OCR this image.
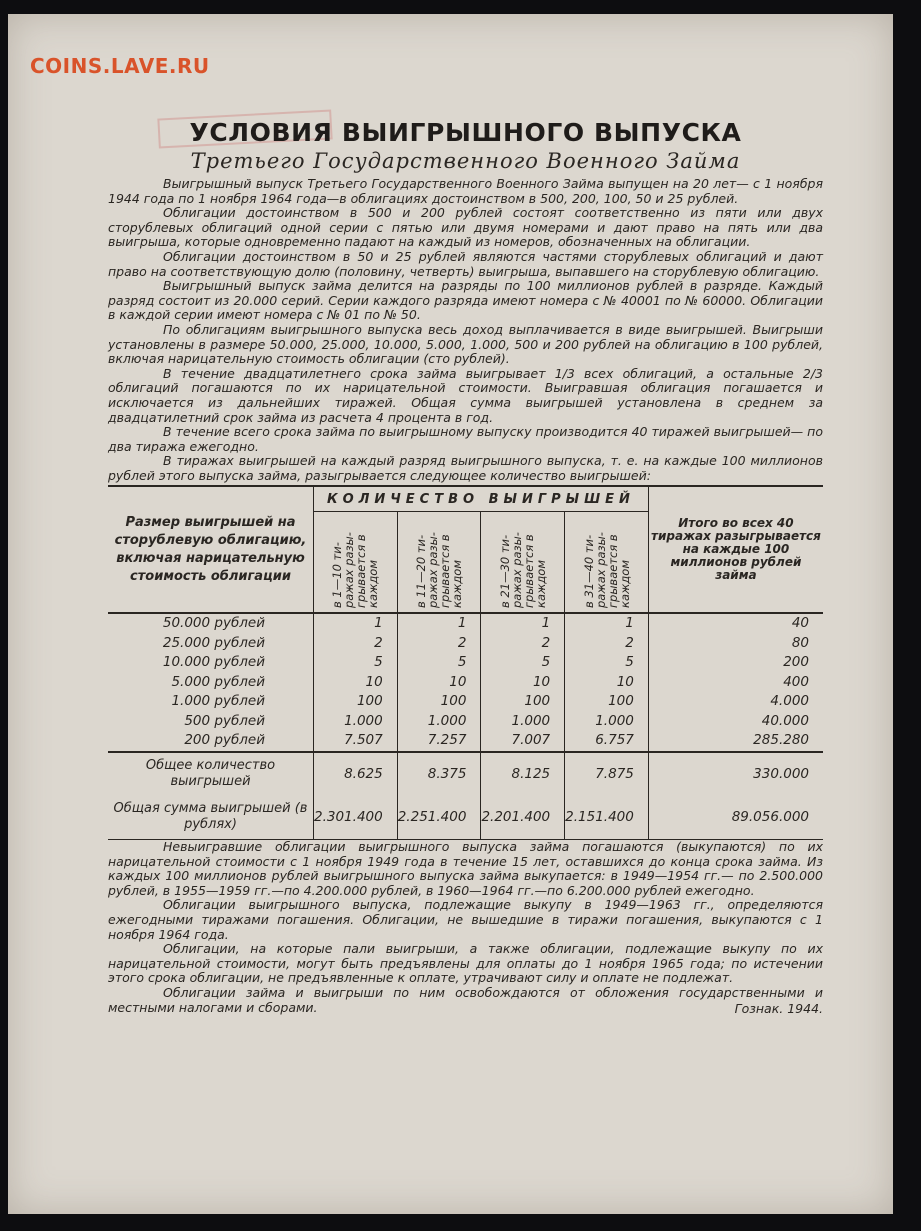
COINS.LAVE.RU
УСЛОВИЯ ВЫИГРЫШНОГО ВЫПУСКА
Третьего Государственного Военного Займа

Выигрышный выпуск Третьего Государственного Военного Займа выпущен на 20 лет— с 1 ноября 1944 года по 1 ноября 1964 года—в облигациях достоинством в 500, 200, 100, 50 и 25 рублей.

Облигации достоинством в 500 и 200 рублей состоят соответственно из пяти или двух сторублевых облигаций одной серии с пятью или двумя номерами и дают право на пять или два выигрыша, которые одновременно падают на каждый из номеров, обозначенных на облигации.

Облигации достоинством в 50 и 25 рублей являются частями сторублевых облигаций и дают право на соответствующую долю (половину, четверть) выигрыша, выпавшего на сторублевую облигацию.

Выигрышный выпуск займа делится на разряды по 100 миллионов рублей в разряде. Каждый разряд состоит из 20.000 серий. Серии каждого разряда имеют номера с № 40001 по № 60000. Облигации в каждой серии имеют номера с № 01 по № 50.

По облигациям выигрышного выпуска весь доход выплачивается в виде выигрышей. Выигрыши установлены в размере 50.000, 25.000, 10.000, 5.000, 1.000, 500 и 200 рублей на облигацию в 100 рублей, включая нарицательную стоимость облигации (сто рублей).

В течение двадцатилетнего срока займа выигрывает 1/3 всех облигаций, а остальные 2/3 облигаций погашаются по их нарицательной стоимости. Выигравшая облигация погашается и исключается из дальнейших тиражей. Общая сумма выигрышей установлена в среднем за двадцатилетний срок займа из расчета 4 процента в год.

В течение всего срока займа по выигрышному выпуску производится 40 тиражей выигрышей— по два тиража ежегодно.

В тиражах выигрышей на каждый разряд выигрышного выпуска, т. е. на каждые 100 миллионов рублей этого выпуска займа, разыгрывается следующее количество выигрышей:

Размер выигрышей на сторублевую облигацию, включая нарицательную стоимость облигации	КОЛИЧЕСТВО ВЫИГРЫШЕЙ				Итого во всех 40 тиражах разыгрывается на каждые 100 миллионов рублей займа

	в 1—10 ти- ражах разы- грывается в каждом	в 11—20 ти- ражах разы- грывается в каждом	в 21—30 ти- ражах разы- грывается в каждом	в 31—40 ти- ражах разы- грывается в каждом	

50.000 рублей	1	1	1	1	40
25.000 рублей	2	2	2	2	80
10.000 рублей	5	5	5	5	200
5.000 рублей	10	10	10	10	400
1.000 рублей	100	100	100	100	4.000
500 рублей	1.000	1.000	1.000	1.000	40.000
200 рублей	7.507	7.257	7.007	6.757	285.280
Общее количество выигрышей	8.625	8.375	8.125	7.875	330.000
Общая сумма выигрышей (в рублях)	2.301.400	2.251.400	2.201.400	2.151.400	89.056.000

Невыигравшие облигации выигрышного выпуска займа погашаются (выкупаются) по их нарицательной стоимости с 1 ноября 1949 года в течение 15 лет, оставшихся до конца срока займа. Из каждых 100 миллионов рублей выигрышного выпуска займа выкупается: в 1949—1954 гг.— по 2.500.000 рублей, в 1955—1959 гг.—по 4.200.000 рублей, в 1960—1964 гг.—по 6.200.000 рублей ежегодно.

Облигации выигрышного выпуска, подлежащие выкупу в 1949—1963 гг., определяются ежегодными тиражами погашения. Облигации, не вышедшие в тиражи погашения, выкупаются с 1 ноября 1964 года.

Облигации, на которые пали выигрыши, а также облигации, подлежащие выкупу по их нарицательной стоимости, могут быть предъявлены для оплаты до 1 ноября 1965 года; по истечении этого срока облигации, не предъявленные к оплате, утрачивают силу и оплате не подлежат.

Облигации займа и выигрыши по ним освобождаются от обложения государственными и местными налогами и сборами.	Гознак. 1944.
